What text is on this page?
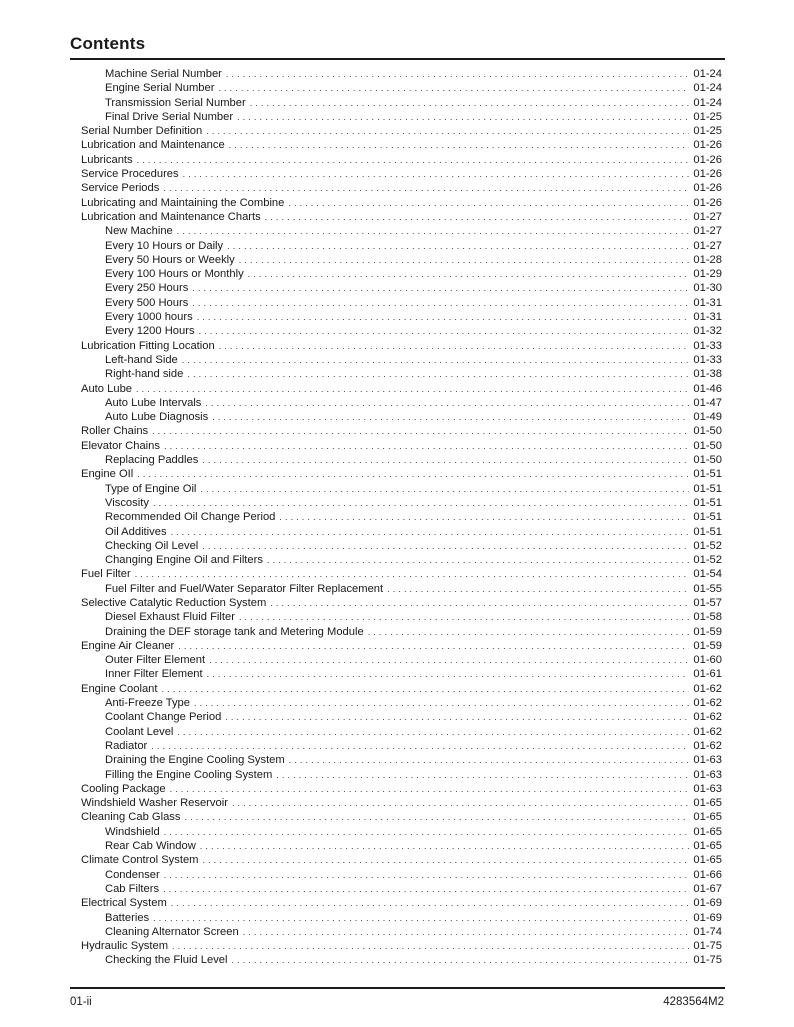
Contents
Machine Serial Number . . .	01-24
Engine Serial Number . . .	01-24
Transmission Serial Number . . .	01-24
Final Drive Serial Number . . .	01-25
Serial Number Definition . . .	01-25
Lubrication and Maintenance . . .	01-26
Lubricants . . .	01-26
Service Procedures . . .	01-26
Service Periods . . .	01-26
Lubricating and Maintaining the Combine . . .	01-26
Lubrication and Maintenance Charts . . .	01-27
New Machine . . .	01-27
Every 10 Hours or Daily . . .	01-27
Every 50 Hours or Weekly . . .	01-28
Every 100 Hours or Monthly . . .	01-29
Every 250 Hours . . .	01-30
Every 500 Hours . . .	01-31
Every 1000 hours . . .	01-31
Every 1200 Hours . . .	01-32
Lubrication Fitting Location . . .	01-33
Left-hand Side . . .	01-33
Right-hand side . . .	01-38
Auto Lube . . .	01-46
Auto Lube Intervals . . .	01-47
Auto Lube Diagnosis . . .	01-49
Roller Chains . . .	01-50
Elevator Chains . . .	01-50
Replacing Paddles . . .	01-50
Engine OIl . . .	01-51
Type of Engine Oil . . .	01-51
Viscosity . . .	01-51
Recommended Oil Change Period . . .	01-51
Oil Additives . . .	01-51
Checking Oil Level . . .	01-52
Changing Engine Oil and Filters . . .	01-52
Fuel Filter . . .	01-54
Fuel Filter and Fuel/Water Separator Filter Replacement . . .	01-55
Selective Catalytic Reduction System . . .	01-57
Diesel Exhaust Fluid Filter . . .	01-58
Draining the DEF storage tank and Metering Module . . .	01-59
Engine Air Cleaner . . .	01-59
Outer Filter Element . . .	01-60
Inner Filter Element . . .	01-61
Engine Coolant . . .	01-62
Anti-Freeze Type . . .	01-62
Coolant Change Period . . .	01-62
Coolant Level . . .	01-62
Radiator . . .	01-62
Draining the Engine Cooling System . . .	01-63
Filling the Engine Cooling System . . .	01-63
Cooling Package . . .	01-63
Windshield Washer Reservoir . . .	01-65
Cleaning Cab Glass . . .	01-65
Windshield . . .	01-65
Rear Cab Window . . .	01-65
Climate Control System . . .	01-65
Condenser . . .	01-66
Cab Filters . . .	01-67
Electrical System . . .	01-69
Batteries . . .	01-69
Cleaning Alternator Screen . . .	01-74
Hydraulic System . . .	01-75
Checking the Fluid Level . . .	01-75
01-ii	4283564M2
